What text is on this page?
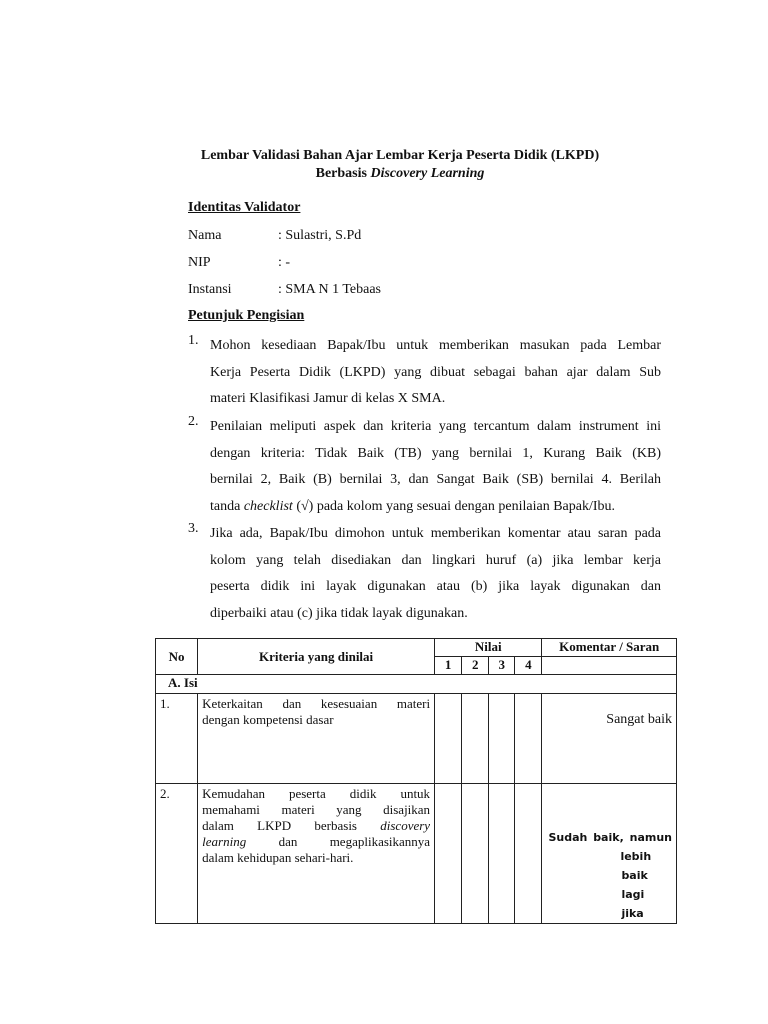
Lembar Validasi Bahan Ajar Lembar Kerja Peserta Didik (LKPD)
Berbasis Discovery Learning
Identitas Validator
Nama	: Sulastri, S.Pd
NIP	: -
Instansi	: SMA N 1 Tebaas
Petunjuk Pengisian
1. Mohon kesediaan Bapak/Ibu untuk memberikan masukan pada Lembar
Kerja Peserta Didik (LKPD) yang dibuat sebagai bahan ajar dalam Sub
materi Klasifikasi Jamur di kelas X SMA.
2. Penilaian meliputi aspek dan kriteria yang tercantum dalam instrument ini
dengan kriteria: Tidak Baik (TB) yang bernilai 1, Kurang Baik (KB)
bernilai 2, Baik (B) bernilai 3, dan Sangat Baik (SB) bernilai 4. Berilah
tanda checklist (√) pada kolom yang sesuai dengan penilaian Bapak/Ibu.
3. Jika ada, Bapak/Ibu dimohon untuk memberikan komentar atau saran pada
kolom yang telah disediakan dan lingkari huruf (a) jika lembar kerja
peserta didik ini layak digunakan atau (b) jika layak digunakan dan
diperbaiki atau (c) jika tidak layak digunakan.
No	Kriteria yang dinilai	Nilai				Komentar / Saran
		1	2	3	4	
A. Isi						
1.	Keterkaitan dan kesesuaian materi
dengan kompetensi dasar					Sangat baik
2.	Kemudahan peserta didik untuk
memahami materi yang disajikan
dalam LKPD berbasis discovery
learning dan megaplikasikannya
dalam kehidupan sehari-hari.					Sudah baik, namun
lebih
baik lagi
jika
